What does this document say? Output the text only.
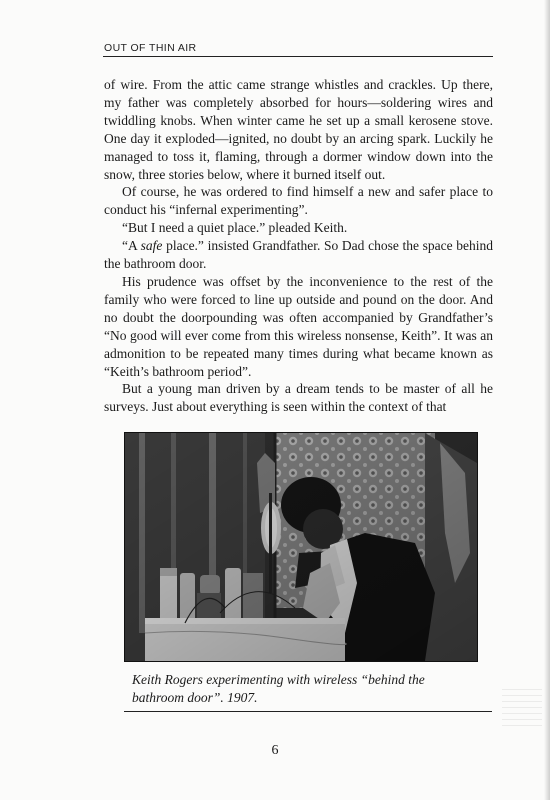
OUT OF THIN AIR

of wire. From the attic came strange whistles and crackles. Up there, my father was completely absorbed for hours—soldering wires and twiddling knobs. When winter came he set up a small kerosene stove. One day it exploded—ignited, no doubt by an arcing spark. Luckily he managed to toss it, flaming, through a dormer window down into the snow, three stories below, where it burned itself out.

Of course, he was ordered to find himself a new and safer place to conduct his “infernal experimenting”.

“But I need a quiet place.” pleaded Keith.

“A safe place.” insisted Grandfather. So Dad chose the space behind the bathroom door.

His prudence was offset by the inconvenience to the rest of the family who were forced to line up outside and pound on the door. And no doubt the doorpounding was often accompanied by Grandfather’s “No good will ever come from this wireless nonsense, Keith”. It was an admonition to be repeated many times during what became known as “Keith’s bathroom period”.

But a young man driven by a dream tends to be master of all he surveys. Just about everything is seen within the context of that

Keith Rogers experimenting with wireless “behind the bathroom door”. 1907.
6
